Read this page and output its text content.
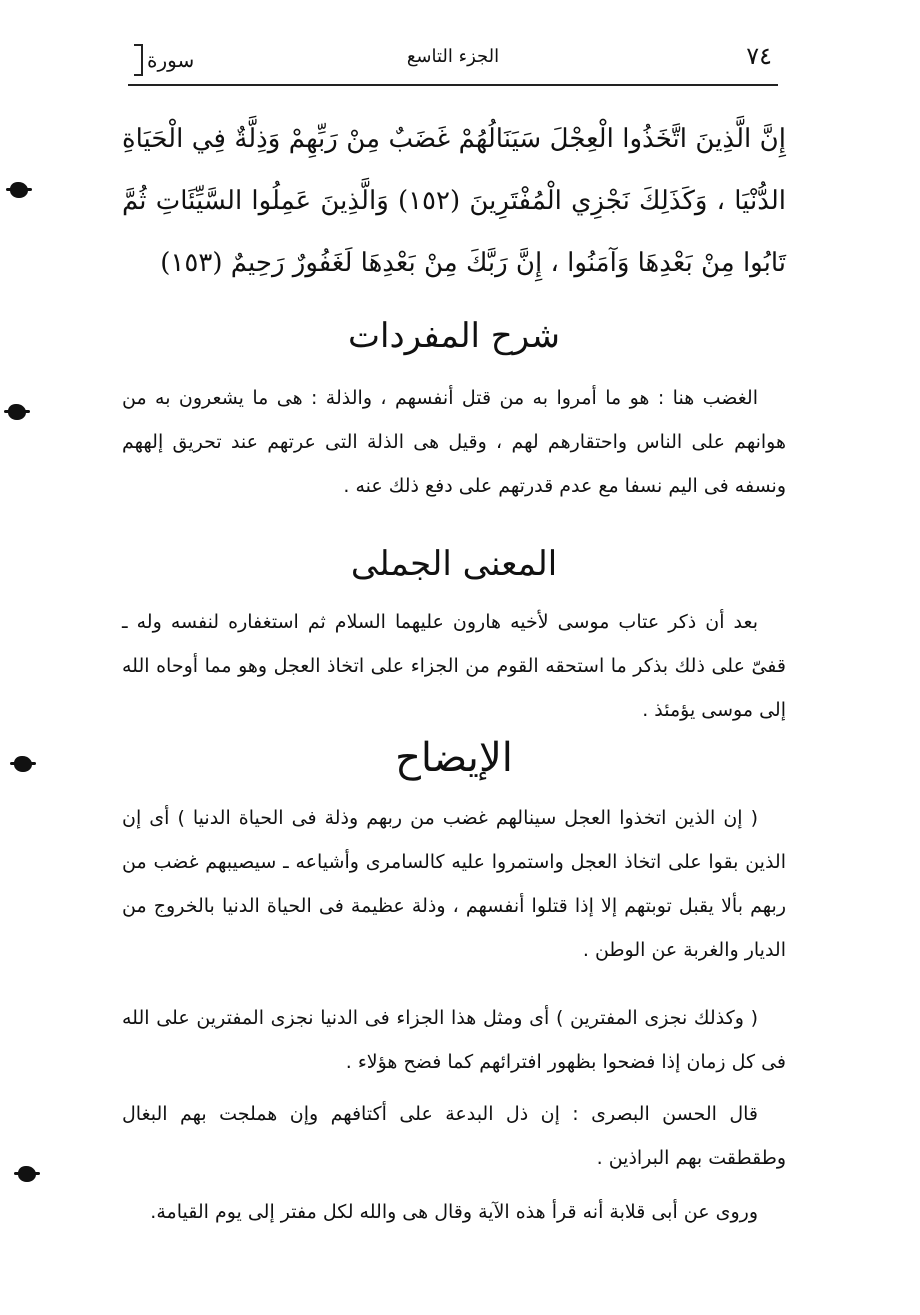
٧٤
الجزء التاسع
سورة
إِنَّ الَّذِينَ اتَّخَذُوا الْعِجْلَ سَيَنَالُهُمْ غَضَبٌ مِنْ رَبِّهِمْ وَذِلَّةٌ فِي الْحَيَاةِ الدُّنْيَا ، وَكَذَلِكَ نَجْزِي الْمُفْتَرِينَ (١٥٢) وَالَّذِينَ عَمِلُوا السَّيِّئَاتِ ثُمَّ تَابُوا مِنْ بَعْدِهَا وَآمَنُوا ، إِنَّ رَبَّكَ مِنْ بَعْدِهَا لَغَفُورٌ رَحِيمٌ (١٥٣)
شرح المفردات
الغضب هنا : هو ما أمروا به من قتل أنفسهم ، والذلة : هى ما يشعرون به من هوانهم على الناس واحتقارهم لهم ، وقيل هى الذلة التى عرتهم عند تحريق إلههم ونسفه فى اليم نسفا مع عدم قدرتهم على دفع ذلك عنه .
المعنى الجملى
بعد أن ذكر عتاب موسى لأخيه هارون عليهما السلام ثم استغفاره لنفسه وله ـ قفىّ على ذلك بذكر ما استحقه القوم من الجزاء على اتخاذ العجل وهو مما أوحاه الله إلى موسى يؤمئذ .
الإيضاح
( إن الذين اتخذوا العجل سينالهم غضب من ربهم وذلة فى الحياة الدنيا ) أى إن الذين بقوا على اتخاذ العجل واستمروا عليه كالسامرى وأشياعه ـ سيصيبهم غضب من ربهم بألا يقبل توبتهم إلا إذا قتلوا أنفسهم ، وذلة عظيمة فى الحياة الدنيا بالخروج من الديار والغربة عن الوطن .
( وكذلك نجزى المفترين ) أى ومثل هذا الجزاء فى الدنيا نجزى المفترين على الله فى كل زمان إذا فضحوا بظهور افترائهم كما فضح هؤلاء .
قال الحسن البصرى : إن ذل البدعة على أكتافهم وإن هملجت بهم البغال وطقطقت بهم البراذين .
وروى عن أبى قلابة أنه قرأ هذه الآية وقال هى والله لكل مفتر إلى يوم القيامة.
